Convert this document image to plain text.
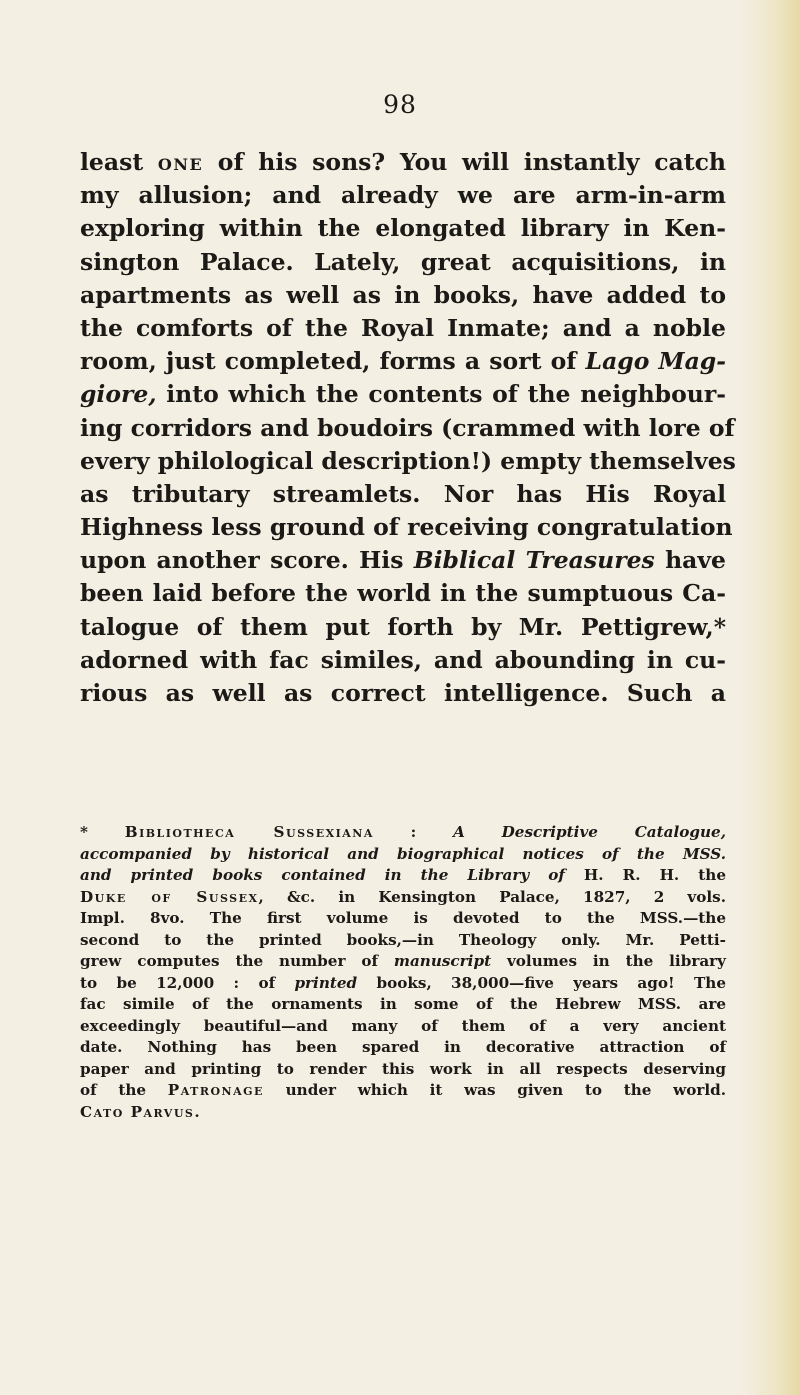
98
least one of his sons? You will instantly catch
my allusion; and already we are arm-in-arm
exploring within the elongated library in Ken-
sington Palace. Lately, great acquisitions, in
apartments as well as in books, have added to
the comforts of the Royal Inmate; and a noble
room, just completed, forms a sort of Lago Mag-
giore, into which the contents of the neighbour-
ing corridors and boudoirs (crammed with lore of
every philological description!) empty themselves
as tributary streamlets. Nor has His Royal
Highness less ground of receiving congratulation
upon another score. His Biblical Treasures have
been laid before the world in the sumptuous Ca-
talogue of them put forth by Mr. Pettigrew,*
adorned with fac similes, and abounding in cu-
rious as well as correct intelligence. Such a
* Bibliotheca Sussexiana : A Descriptive Catalogue,
accompanied by historical and biographical notices of the MSS.
and printed books contained in the Library of H. R. H. the
Duke of Sussex, &c. in Kensington Palace, 1827, 2 vols.
Impl. 8vo. The first volume is devoted to the MSS.—the
second to the printed books,—in Theology only. Mr. Petti-
grew computes the number of manuscript volumes in the library
to be 12,000 : of printed books, 38,000—five years ago! The
fac simile of the ornaments in some of the Hebrew MSS. are
exceedingly beautiful—and many of them of a very ancient
date. Nothing has been spared in decorative attraction of
paper and printing to render this work in all respects deserving
of the Patronage under which it was given to the world.
Cato Parvus.
